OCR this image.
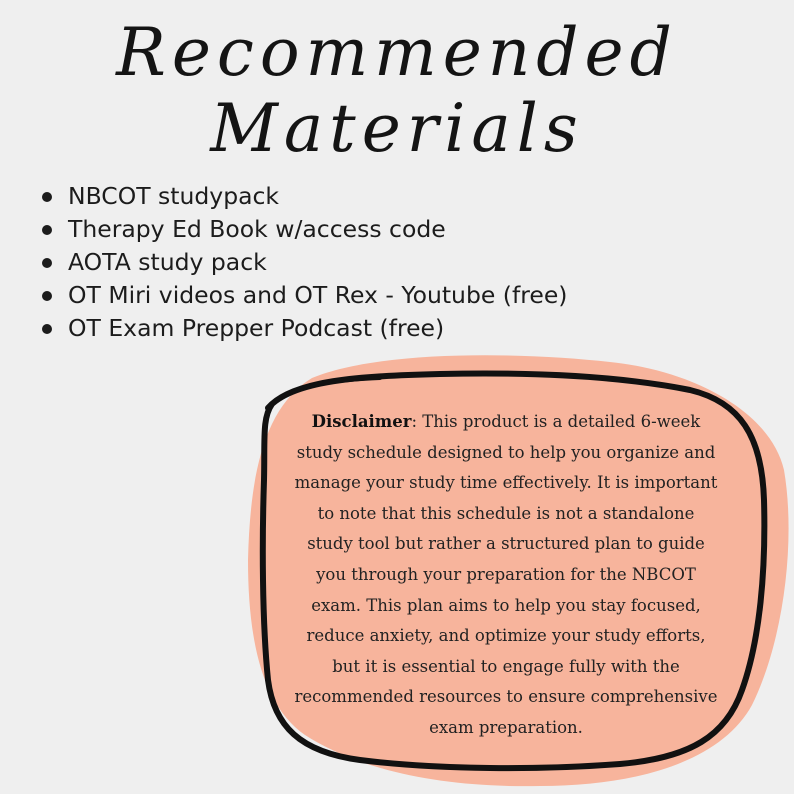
Recommended
Materials
NBCOT studypack
Therapy Ed Book w/access code
AOTA study pack
OT Miri videos and OT Rex - Youtube (free)
OT Exam Prepper Podcast (free)

Disclaimer: This product is a detailed 6-week study schedule designed to help you organize and manage your study time effectively. It is important to note that this schedule is not a standalone study tool but rather a structured plan to guide you through your preparation for the NBCOT exam. This plan aims to help you stay focused, reduce anxiety, and optimize your study efforts, but it is essential to engage fully with the recommended resources to ensure comprehensive exam preparation.
